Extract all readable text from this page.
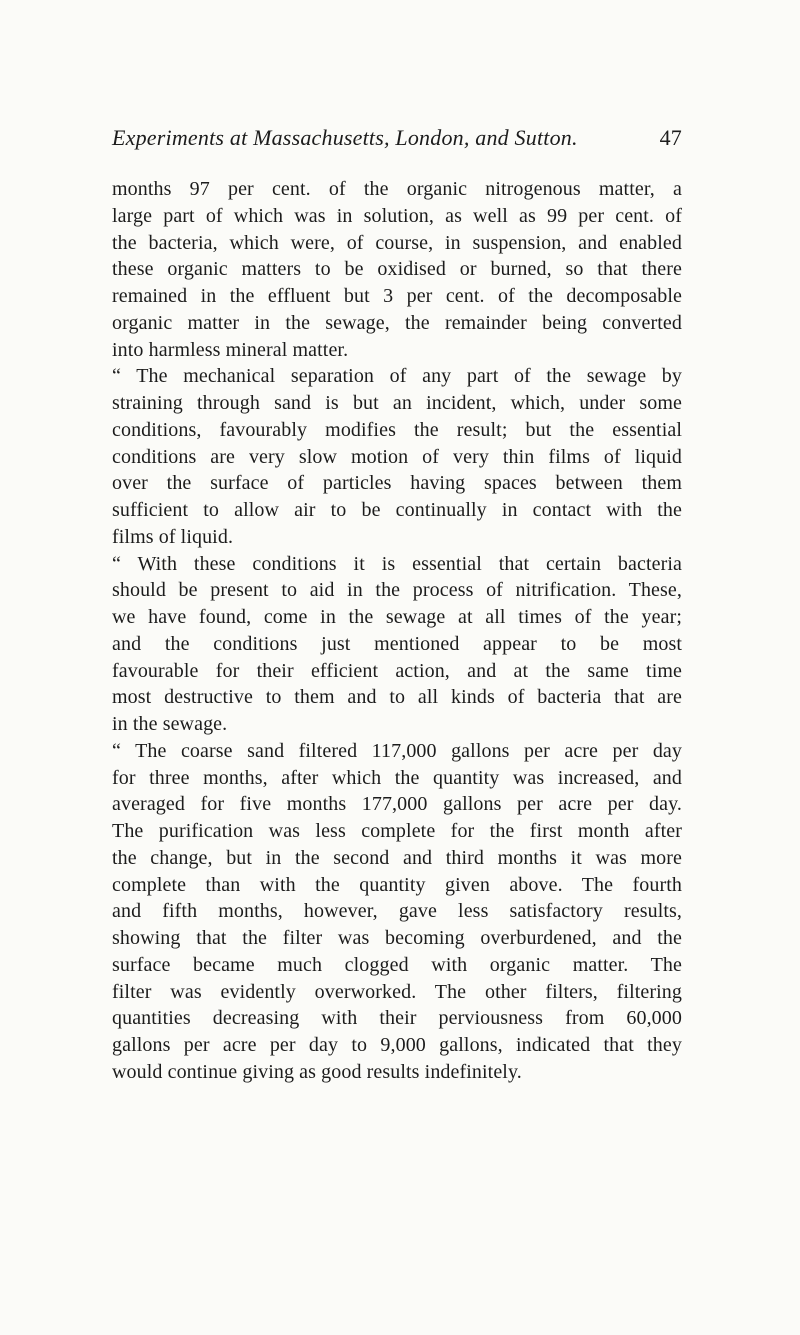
Experiments at Massachusetts, London, and Sutton.	47
months 97 per cent. of the organic nitrogenous matter, a
large part of which was in solution, as well as 99 per cent. of
the bacteria, which were, of course, in suspension, and enabled
these organic matters to be oxidised or burned, so that there
remained in the effluent but 3 per cent. of the decomposable
organic matter in the sewage, the remainder being converted
into harmless mineral matter.
“ The mechanical separation of any part of the sewage by
straining through sand is but an incident, which, under some
conditions, favourably modifies the result; but the essential
conditions are very slow motion of very thin films of liquid
over the surface of particles having spaces between them
sufficient to allow air to be continually in contact with the
films of liquid.
“ With these conditions it is essential that certain bacteria
should be present to aid in the process of nitrification. These,
we have found, come in the sewage at all times of the year;
and the conditions just mentioned appear to be most
favourable for their efficient action, and at the same time
most destructive to them and to all kinds of bacteria that are
in the sewage.
“ The coarse sand filtered 117,000 gallons per acre per day
for three months, after which the quantity was increased, and
averaged for five months 177,000 gallons per acre per day.
The purification was less complete for the first month after
the change, but in the second and third months it was more
complete than with the quantity given above. The fourth
and fifth months, however, gave less satisfactory results,
showing that the filter was becoming overburdened, and the
surface became much clogged with organic matter. The
filter was evidently overworked. The other filters, filtering
quantities decreasing with their perviousness from 60,000
gallons per acre per day to 9,000 gallons, indicated that they
would continue giving as good results indefinitely.
